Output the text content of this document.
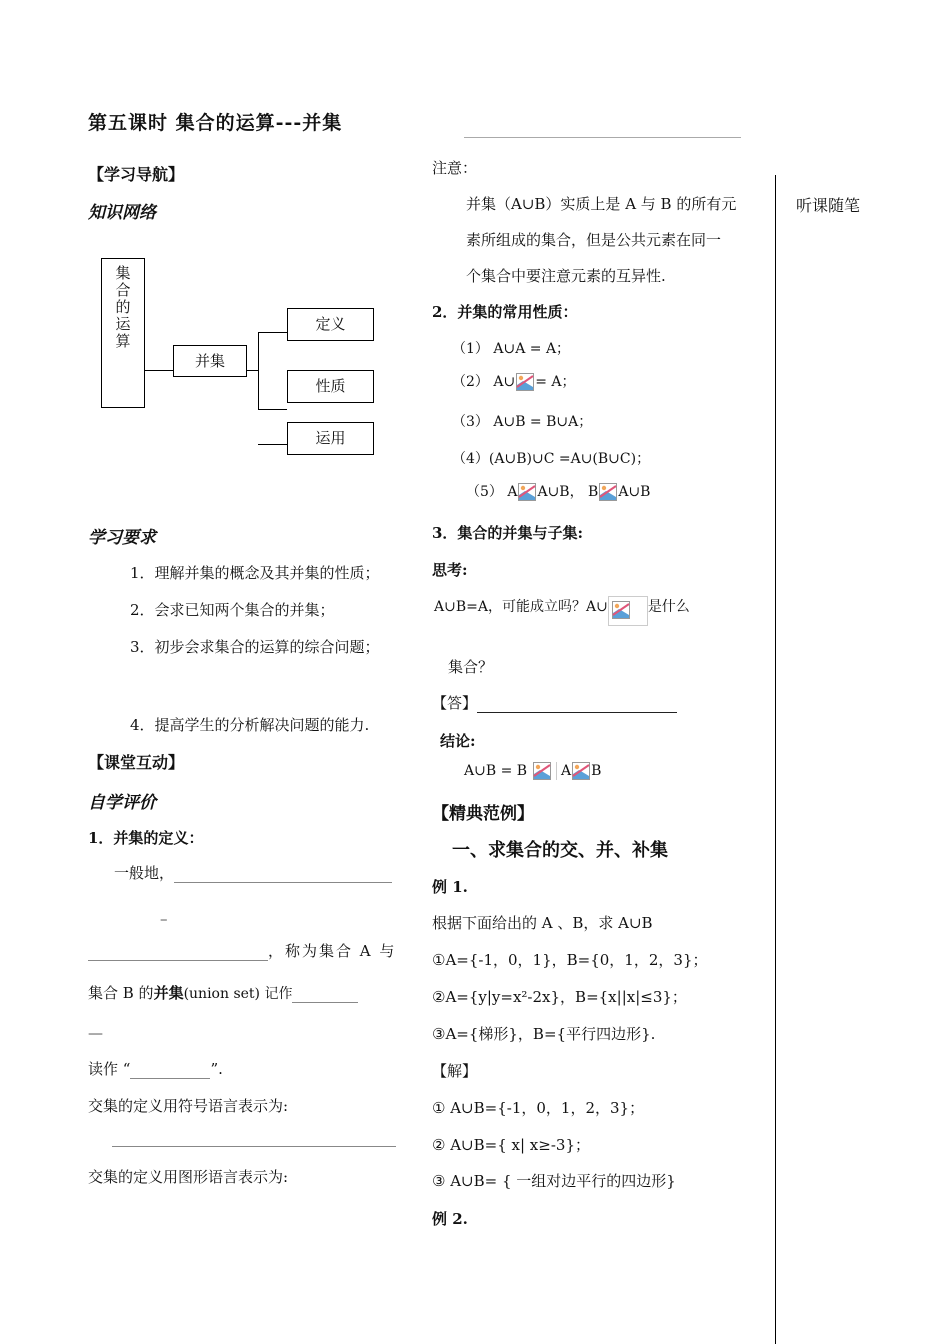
第五课时 集合的运算---并集
听课随笔
【学习导航】
知识网络
集
合
的
运
算
并集
定义
性质
运用
学习要求
1．理解并集的概念及其并集的性质；
2．会求已知两个集合的并集；
3．初步会求集合的运算的综合问题；
4．提高学生的分析解决问题的能力.
【课堂互动】
自学评价
1．并集的定义：
一般地，
–
，称为集合 A 与
集合 B 的并集(union set) 记作
—
读作 “	”.
交集的定义用符号语言表示为:
交集的定义用图形语言表示为:
注意：
并集（A∪B）实质上是 A 与 B 的所有元
素所组成的集合，但是公共元素在同一
个集合中要注意元素的互异性.
2．并集的常用性质：
（1） A∪A = A；
（2） A∪ = A；
（3） A∪B = B∪A；
（4）(A∪B)∪C =A∪(B∪C)；
（5） A A∪B， B A∪B
3．集合的并集与子集:
思考:
A∪B=A，可能成立吗？A∪	是什么
集合？
【答】
结论:
A∪B = B A B
【精典范例】
一、求集合的交、并、补集
例 1.
根据下面给出的 A 、B，求 A∪B
①A={-1，0，1}，B={0，1，2，3}；
②A={y|y=x²-2x}，B={x||x|≤3}；
③A={梯形}，B={平行四边形}.
【解】
① A∪B={-1，0，1，2，3}；
② A∪B={ x| x≥-3}；
③ A∪B= { 一组对边平行的四边形}
例 2.
